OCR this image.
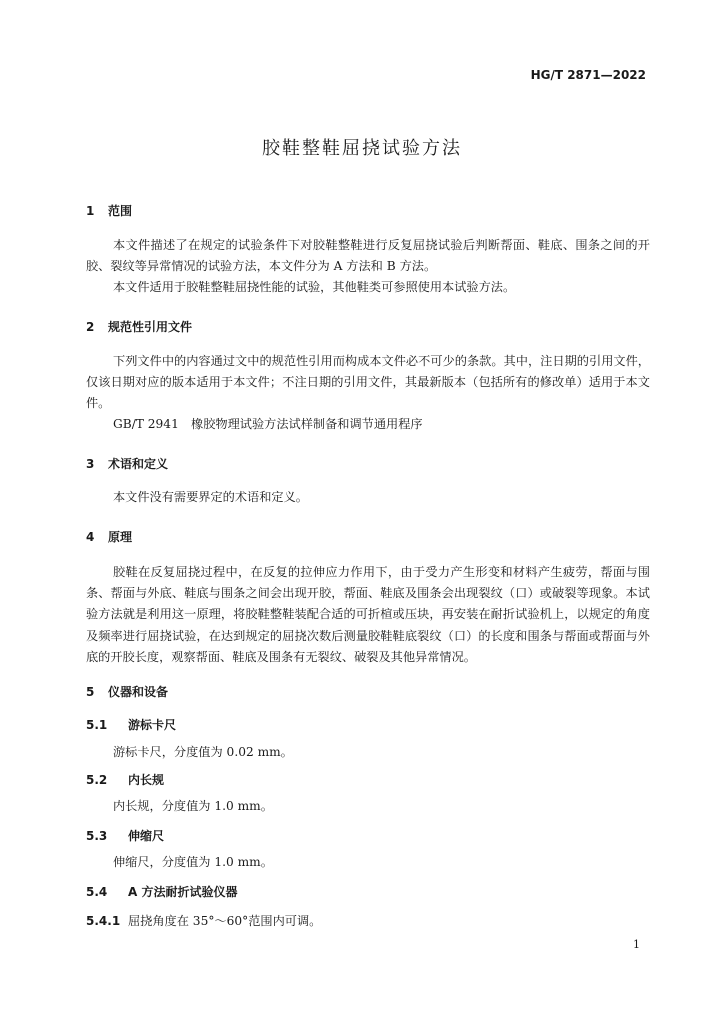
HG/T 2871—2022
胶鞋整鞋屈挠试验方法
1 范围
本文件描述了在规定的试验条件下对胶鞋整鞋进行反复屈挠试验后判断帮面、鞋底、围条之间的开胶、裂纹等异常情况的试验方法，本文件分为 A 方法和 B 方法。
本文件适用于胶鞋整鞋屈挠性能的试验，其他鞋类可参照使用本试验方法。
2 规范性引用文件
下列文件中的内容通过文中的规范性引用而构成本文件必不可少的条款。其中，注日期的引用文件，仅该日期对应的版本适用于本文件；不注日期的引用文件，其最新版本（包括所有的修改单）适用于本文件。
GB/T 2941　橡胶物理试验方法试样制备和调节通用程序
3 术语和定义
本文件没有需要界定的术语和定义。
4 原理
胶鞋在反复屈挠过程中，在反复的拉伸应力作用下，由于受力产生形变和材料产生疲劳，帮面与围条、帮面与外底、鞋底与围条之间会出现开胶，帮面、鞋底及围条会出现裂纹（口）或破裂等现象。本试验方法就是利用这一原理，将胶鞋整鞋装配合适的可折楦或压块，再安装在耐折试验机上，以规定的角度及频率进行屈挠试验，在达到规定的屈挠次数后测量胶鞋鞋底裂纹（口）的长度和围条与帮面或帮面与外底的开胶长度，观察帮面、鞋底及围条有无裂纹、破裂及其他异常情况。
5 仪器和设备
5.1 游标卡尺
游标卡尺，分度值为 0.02 mm。
5.2 内长规
内长规，分度值为 1.0 mm。
5.3 伸缩尺
伸缩尺，分度值为 1.0 mm。
5.4 A 方法耐折试验仪器
5.4.1 屈挠角度在 35°～60°范围内可调。
1
